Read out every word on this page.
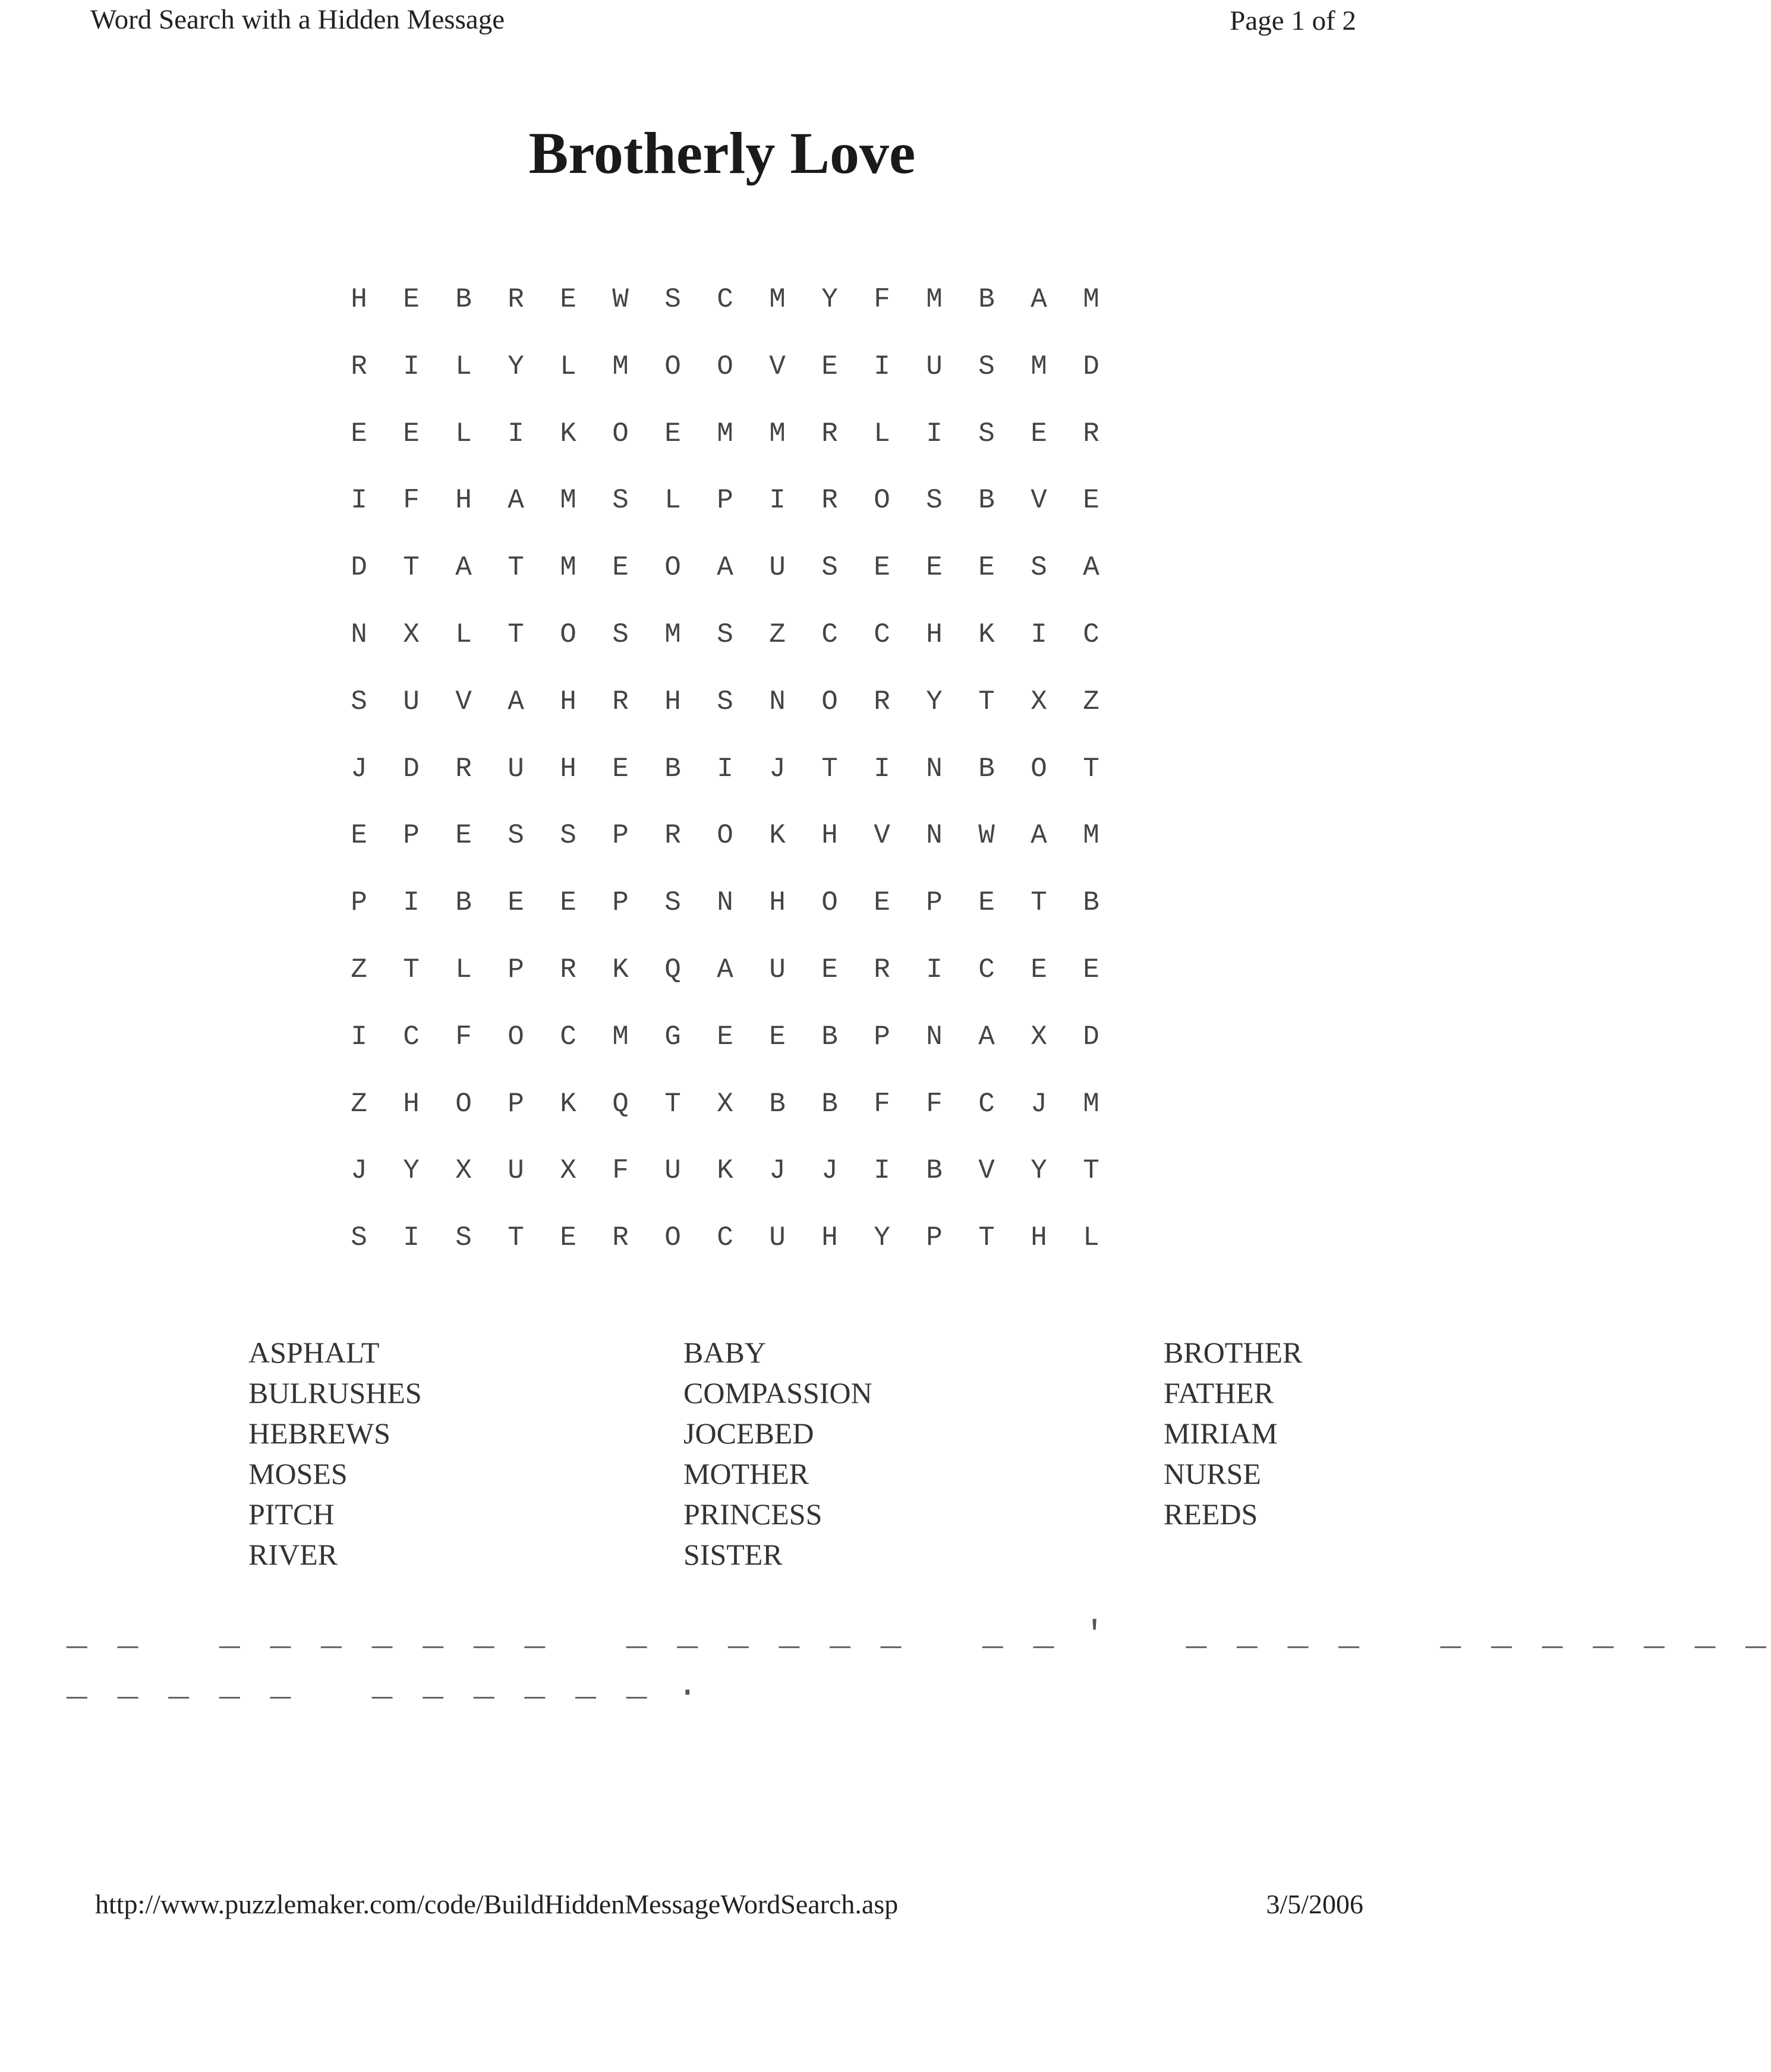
Word Search with a Hidden Message	Page 1 of 2
Brotherly Love
H	E	B	R	E	W	S	C	M	Y	F	M	B	A	M
R	I	L	Y	L	M	O	O	V	E	I	U	S	M	D
E	E	L	I	K	O	E	M	M	R	L	I	S	E	R
I	F	H	A	M	S	L	P	I	R	O	S	B	V	E
D	T	A	T	M	E	O	A	U	S	E	E	E	S	A
N	X	L	T	O	S	M	S	Z	C	C	H	K	I	C
S	U	V	A	H	R	H	S	N	O	R	Y	T	X	Z
J	D	R	U	H	E	B	I	J	T	I	N	B	O	T
E	P	E	S	S	P	R	O	K	H	V	N	W	A	M
P	I	B	E	E	P	S	N	H	O	E	P	E	T	B
Z	T	L	P	R	K	Q	A	U	E	R	I	C	E	E
I	C	F	O	C	M	G	E	E	B	P	N	A	X	D
Z	H	O	P	K	Q	T	X	B	B	F	F	C	J	M
J	Y	X	U	X	F	U	K	J	J	I	B	V	Y	T
S	I	S	T	E	R	O	C	U	H	Y	P	T	H	L
ASPHALT
BULRUSHES
HEBREWS
MOSES
PITCH
RIVER
BABY
COMPASSION
JOCEBED
MOTHER
PRINCESS
SISTER
BROTHER
FATHER
MIRIAM
NURSE
REEDS
_ _   _ _ _ _ _ _ _   _ _ _ _ _ _   _ _ '   _ _ _ _   _ _ _ _ _ _ _
_ _ _ _ _   _ _ _ _ _ _ .
http://www.puzzlemaker.com/code/BuildHiddenMessageWordSearch.asp	3/5/2006
